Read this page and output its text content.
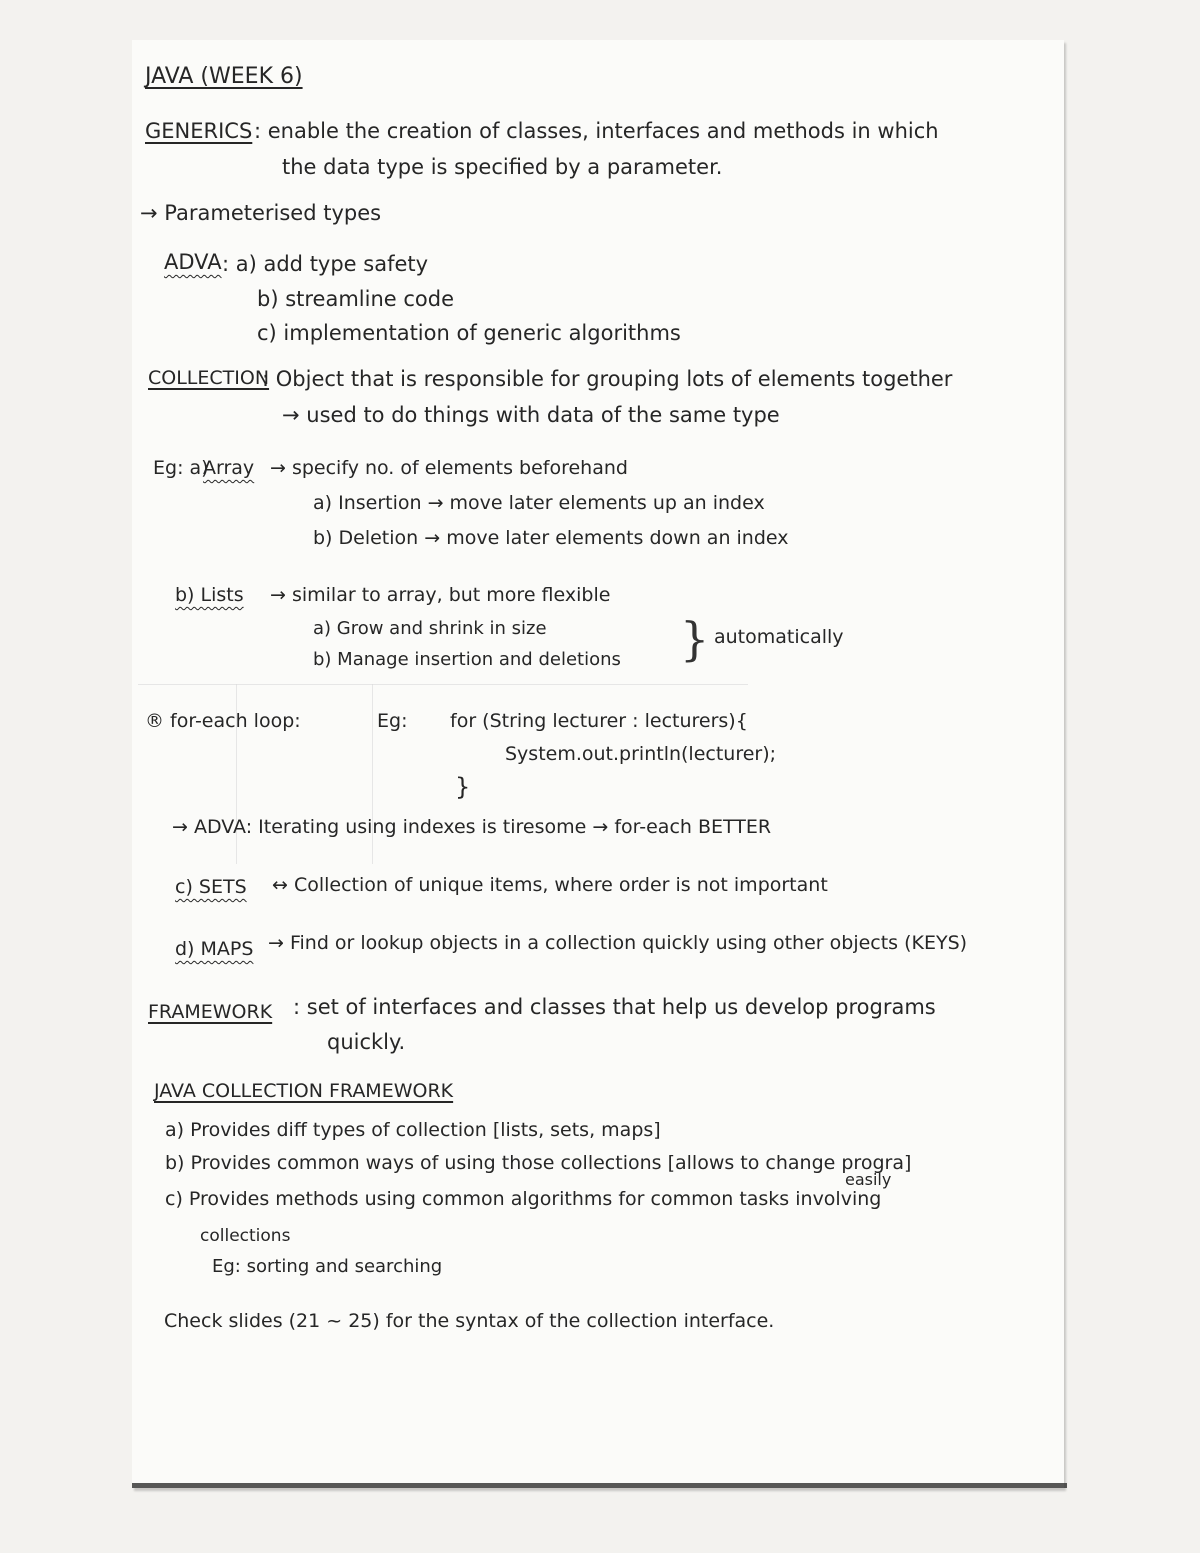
JAVA (WEEK 6)
GENERICS : enable the creation of classes, interfaces and methods in which
the data type is specified by a parameter.
→ Parameterised types
ADVA : a) add type safety
b) streamline code
c) implementation of generic algorithms
COLLECTION
: Object that is responsible for grouping lots of elements together
→ used to do things with data of the same type
Eg: a)
Array → specify no. of elements beforehand
a) Insertion → move later elements up an index
b) Deletion → move later elements down an index
b) Lists → similar to array, but more flexible
a) Grow and shrink in size
b) Manage insertion and deletions } automatically
® for-each loop:	Eg: for (String lecturer : lecturers){
System.out.println(lecturer);
}
→ ADVA: Iterating using indexes is tiresome → for-each BETTER
c) SETS ↔ Collection of unique items, where order is not important
d) MAPS → Find or lookup objects in a collection quickly using other objects (KEYS)
FRAMEWORK : set of interfaces and classes that help us develop programs
quickly.
JAVA COLLECTION FRAMEWORK
a) Provides diff types of collection [lists, sets, maps]
b) Provides common ways of using those collections [allows to change progra]
easily
c) Provides methods using common algorithms for common tasks involving
collections
Eg: sorting and searching
Check slides (21 ~ 25) for the syntax of the collection interface.
